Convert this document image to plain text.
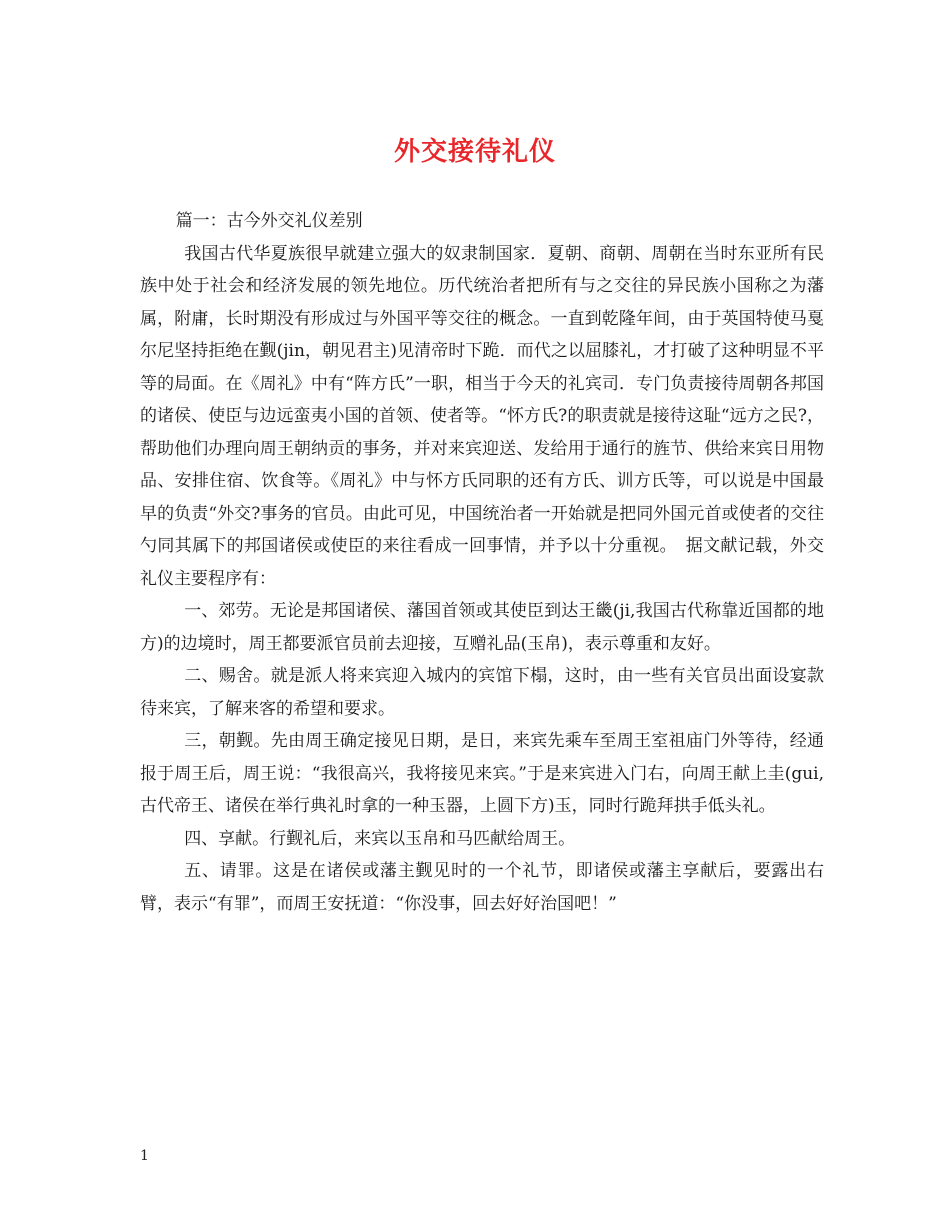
外交接待礼仪

篇一：古今外交礼仪差别

我国古代华夏族很早就建立强大的奴隶制国家．夏朝、商朝、周朝在当时东亚所有民族中处于社会和经济发展的领先地位。历代统治者把所有与之交往的异民族小国称之为藩属，附庸，长时期没有形成过与外国平等交往的概念。一直到乾隆年间，由于英国特使马戛尔尼坚持拒绝在觐(jin，朝见君主)见清帝时下跪．而代之以屈膝礼，才打破了这种明显不平等的局面。在《周礼》中有“阵方氏”一职，相当于今天的礼宾司．专门负责接待周朝各邦国的诸侯、使臣与边远蛮夷小国的首领、使者等。“怀方氏?的职责就是接待这耻“远方之民?，帮助他们办理向周王朝纳贡的事务，并对来宾迎送、发给用于通行的旌节、供给来宾日用物品、安排住宿、饮食等。《周礼》中与怀方氏同职的还有方氏、训方氏等，可以说是中国最早的负责“外交?事务的官员。由此可见，中国统治者一开始就是把同外国元首或使者的交往勺同其属下的邦国诸侯或使臣的来往看成一回事情，并予以十分重视。　据文献记载，外交礼仪主要程序有：

一、郊劳。无论是邦国诸侯、藩国首领或其使臣到达王畿(ji,我国古代称靠近国都的地方)的边境时，周王都要派官员前去迎接，互赠礼品(玉帛)，表示尊重和友好。

二、赐舍。就是派人将来宾迎入城内的宾馆下榻，这时，由一些有关官员出面设宴款待来宾，了解来客的希望和要求。

三，朝觐。先由周王确定接见日期，是日，来宾先乘车至周王室祖庙门外等待，经通报于周王后，周王说：“我很高兴，我将接见来宾。”于是来宾进入门右，向周王献上圭(gui,古代帝王、诸侯在举行典礼时拿的一种玉器，上圆下方)玉，同时行跪拜拱手低头礼。

四、享献。行觐礼后，来宾以玉帛和马匹献给周王。

五、请罪。这是在诸侯或藩主觐见时的一个礼节，即诸侯或藩主享献后，要露出右臂，表示“有罪”，而周王安抚道：“你没事，回去好好治国吧！”

1
